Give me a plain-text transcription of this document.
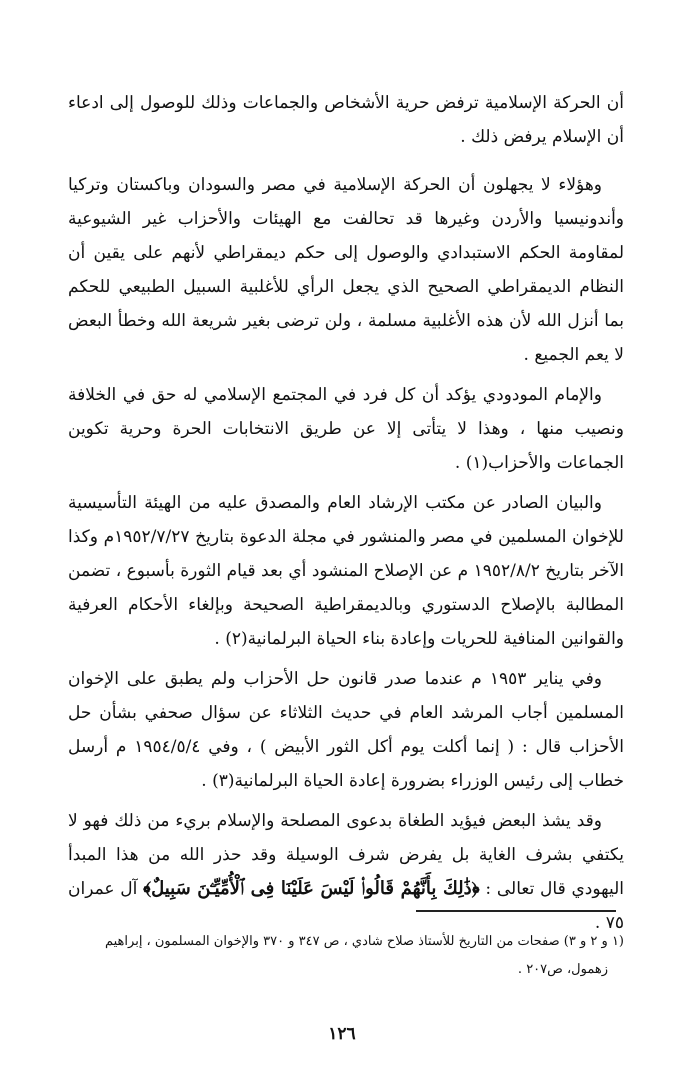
أن الحركة الإسلامية ترفض حرية الأشخاص والجماعات وذلك للوصول إلى ادعاء أن الإسلام يرفض ذلك .

وهؤلاء لا يجهلون أن الحركة الإسلامية في مصر والسودان وباكستان وتركيا وأندونيسيا والأردن وغيرها قد تحالفت مع الهيئات والأحزاب غير الشيوعية لمقاومة الحكم الاستبدادي والوصول إلى حكم ديمقراطي لأنهم على يقين أن النظام الديمقراطي الصحيح الذي يجعل الرأي للأغلبية السبيل الطبيعي للحكم بما أنزل الله لأن هذه الأغلبية مسلمة ، ولن ترضى بغير شريعة الله وخطأ البعض لا يعم الجميع .

والإمام المودودي يؤكد أن كل فرد في المجتمع الإسلامي له حق في الخلافة ونصيب منها ، وهذا لا يتأتى إلا عن طريق الانتخابات الحرة وحرية تكوين الجماعات والأحزاب(١) .

والبيان الصادر عن مكتب الإرشاد العام والمصدق عليه من الهيئة التأسيسية للإخوان المسلمين في مصر والمنشور في مجلة الدعوة بتاريخ ١٩٥٢/٧/٢٧م وكذا الآخر بتاريخ ١٩٥٢/٨/٢ م عن الإصلاح المنشود أي بعد قيام الثورة بأسبوع ، تضمن المطالبة بالإصلاح الدستوري وبالديمقراطية الصحيحة وبإلغاء الأحكام العرفية والقوانين المنافية للحريات وإعادة بناء الحياة البرلمانية(٢) .

وفي يناير ١٩٥٣ م عندما صدر قانون حل الأحزاب ولم يطبق على الإخوان المسلمين أجاب المرشد العام في حديث الثلاثاء عن سؤال صحفي بشأن حل الأحزاب قال : ( إنما أكلت يوم أكل الثور الأبيض ) ، وفي ١٩٥٤/٥/٤ م أرسل خطاب إلى رئيس الوزراء بضرورة إعادة الحياة البرلمانية(٣) .

وقد يشذ البعض فيؤيد الطغاة بدعوى المصلحة والإسلام بريء من ذلك فهو لا يكتفي بشرف الغاية بل يفرض شرف الوسيلة وقد حذر الله من هذا المبدأ اليهودي قال تعالى : ﴿ذَٰلِكَ بِأَنَّهُمْ قَالُوا۟ لَيْسَ عَلَيْنَا فِى ٱلْأُمِّيِّـۧنَ سَبِيلٌ﴾ آل عمران ٧٥ .

(١ و ٢ و ٣) صفحات من التاريخ للأستاذ صلاح شادي ، ص ٣٤٧ و ٣٧٠ والإخوان المسلمون ، إبراهيم

زهمول، ص٢٠٧ .

١٢٦
